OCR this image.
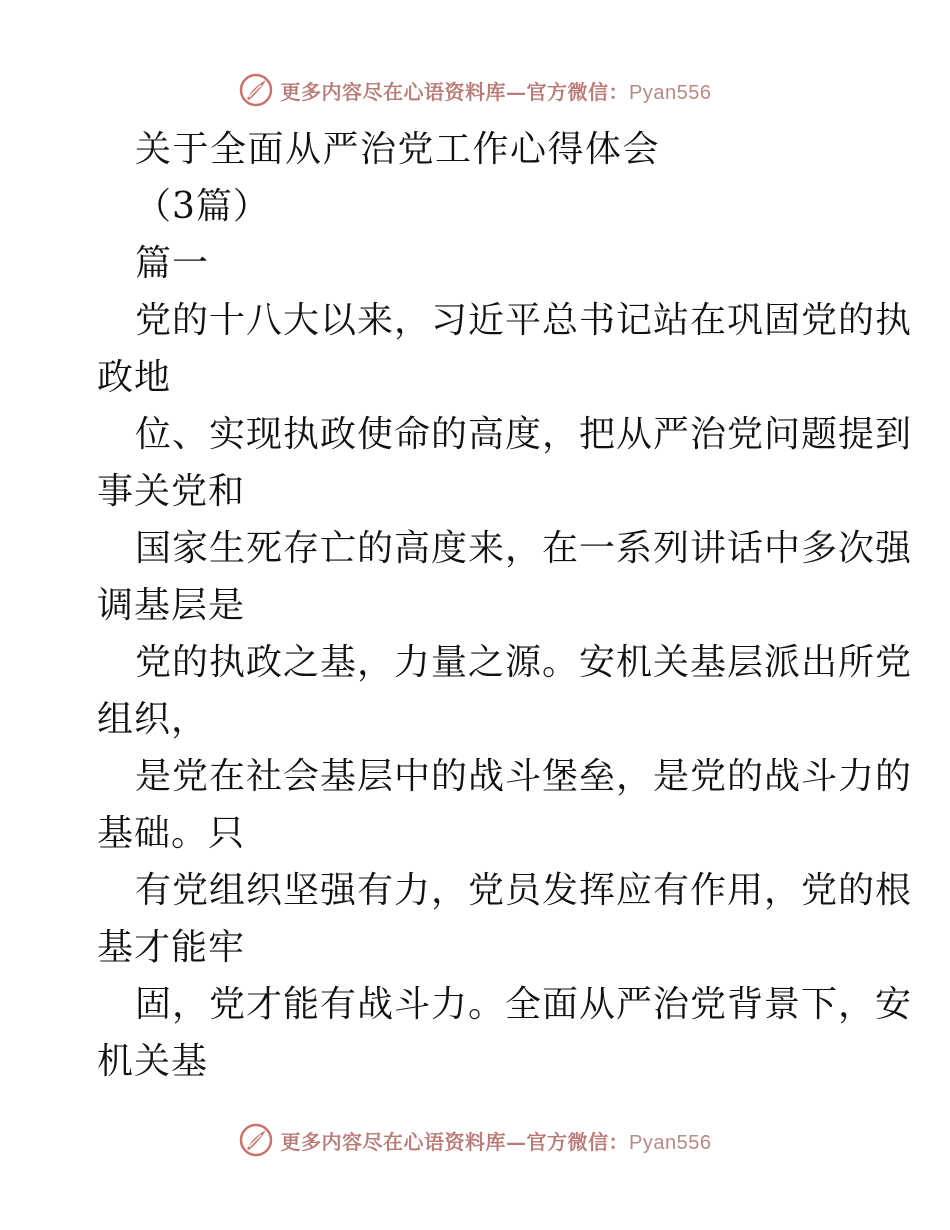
更多内容尽在心语资料库—官方微信：Pyan556

关于全面从严治党工作心得体会

（3篇）

篇一

党的十八大以来，习近平总书记站在巩固党的执

政地

位、实现执政使命的高度，把从严治党问题提到

事关党和

国家生死存亡的高度来，在一系列讲话中多次强

调基层是

党的执政之基，力量之源。安机关基层派出所党

组织，

是党在社会基层中的战斗堡垒，是党的战斗力的

基础。只

有党组织坚强有力，党员发挥应有作用，党的根

基才能牢

固，党才能有战斗力。全面从严治党背景下，安

机关基

更多内容尽在心语资料库—官方微信：Pyan556
